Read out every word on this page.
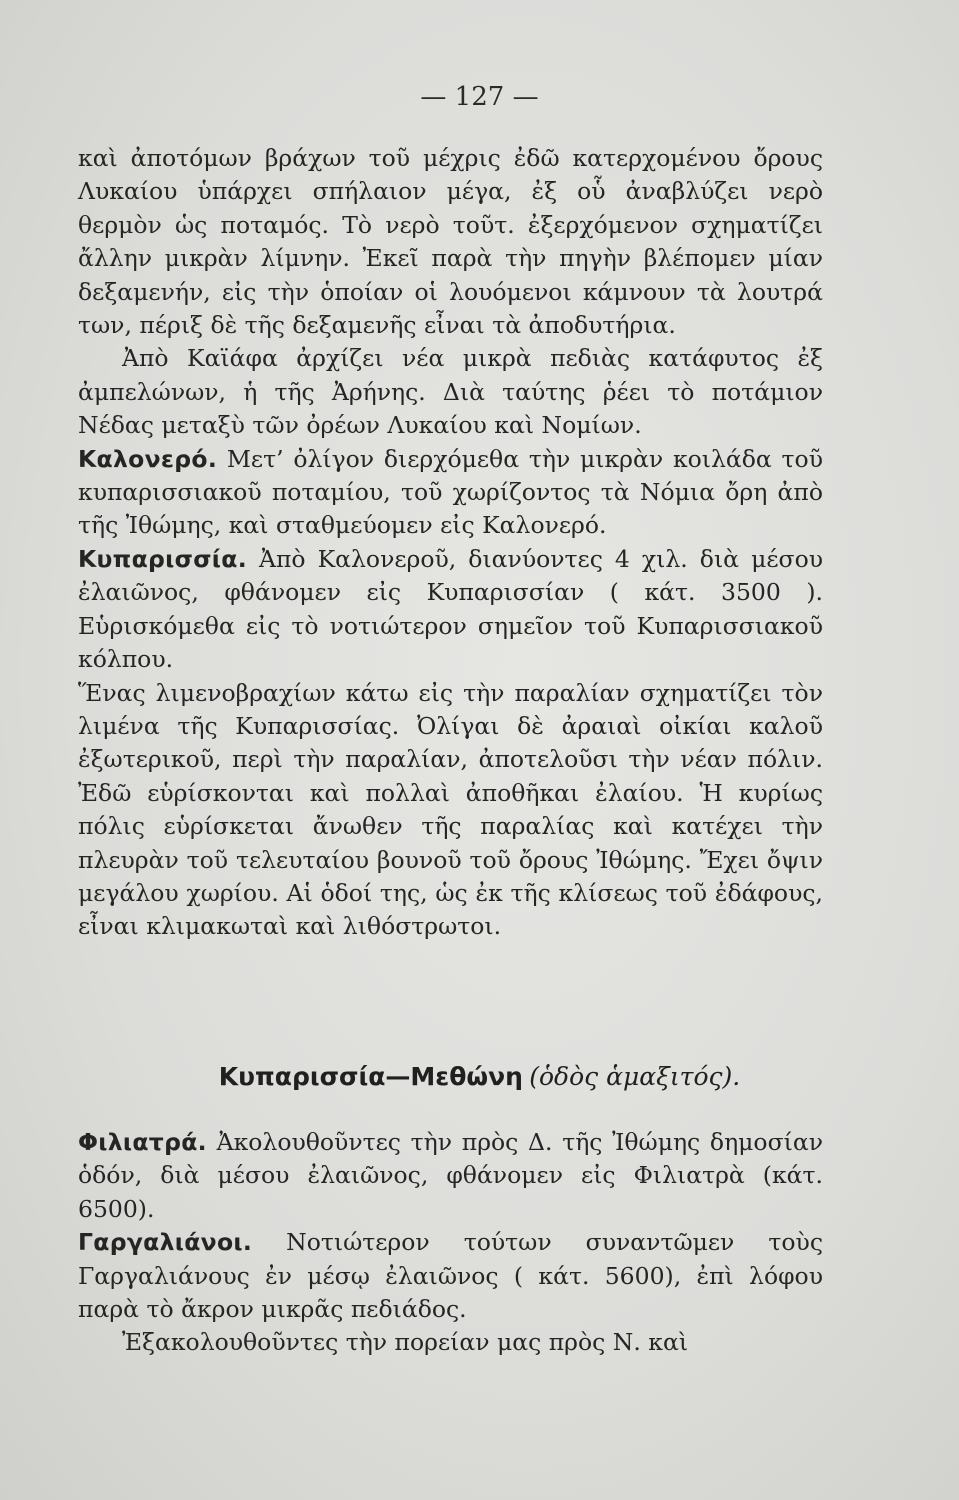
— 127 —

καὶ ἀποτόμων βράχων τοῦ μέχρις ἐδῶ κατερχομένου ὄρους Λυκαίου ὑπάρχει σπήλαιον μέγα, ἐξ οὗ ἀναβλύζει νερὸ θερμὸν ὡς ποταμός. Τὸ νερὸ τοῦτ. ἐξερχόμενον σχηματίζει ἄλλην μικρὰν λίμνην. Ἐκεῖ παρὰ τὴν πηγὴν βλέπομεν μίαν δεξαμενήν, εἰς τὴν ὁποίαν οἱ λουόμενοι κάμνουν τὰ λουτρά των, πέριξ δὲ τῆς δεξαμενῆς εἶναι τὰ ἀποδυτήρια.

Ἀπὸ Καϊάφα ἀρχίζει νέα μικρὰ πεδιὰς κατάφυτος ἐξ ἀμπελώνων, ἡ τῆς Ἀρήνης. Διὰ ταύτης ῥέει τὸ ποτάμιον Νέδας μεταξὺ τῶν ὀρέων Λυκαίου καὶ Νομίων.

Καλονερό. Μετ’ ὀλίγον διερχόμεθα τὴν μικρὰν κοιλάδα τοῦ κυπαρισσιακοῦ ποταμίου, τοῦ χωρίζοντος τὰ Νόμια ὄρη ἀπὸ τῆς Ἰθώμης, καὶ σταθμεύομεν εἰς Καλονερό.

Κυπαρισσία. Ἀπὸ Καλονεροῦ, διανύοντες 4 χιλ. διὰ μέσου ἐλαιῶνος, φθάνομεν εἰς Κυπαρισσίαν ( κάτ. 3500 ). Εὑρισκόμεθα εἰς τὸ νοτιώτερον σημεῖον τοῦ Κυπαρισσιακοῦ κόλπου.

Ἕνας λιμενοβραχίων κάτω εἰς τὴν παραλίαν σχηματίζει τὸν λιμένα τῆς Κυπαρισσίας. Ὀλίγαι δὲ ἀραιαὶ οἰκίαι καλοῦ ἐξωτερικοῦ, περὶ τὴν παραλίαν, ἀποτελοῦσι τὴν νέαν πόλιν. Ἐδῶ εὑρίσκονται καὶ πολλαὶ ἀποθῆκαι ἐλαίου. Ἡ κυρίως πόλις εὑρίσκεται ἄνωθεν τῆς παραλίας καὶ κατέχει τὴν πλευρὰν τοῦ τελευταίου βουνοῦ τοῦ ὄρους Ἰθώμης. Ἔχει ὄψιν μεγάλου χωρίου. Αἱ ὁδοί της, ὡς ἐκ τῆς κλίσεως τοῦ ἐδάφους, εἶναι κλιμακωταὶ καὶ λιθόστρωτοι.

Κυπαρισσία—Μεθώνη (ὁδὸς ἁμαξιτός).

Φιλιατρά. Ἀκολουθοῦντες τὴν πρὸς Δ. τῆς Ἰθώμης δημοσίαν ὁδόν, διὰ μέσου ἐλαιῶνος, φθάνομεν εἰς Φιλιατρὰ (κάτ. 6500).

Γαργαλιάνοι. Νοτιώτερον τούτων συναντῶμεν τοὺς Γαργαλιάνους ἐν μέσῳ ἐλαιῶνος ( κάτ. 5600), ἐπὶ λόφου παρὰ τὸ ἄκρον μικρᾶς πεδιάδος.

Ἐξακολουθοῦντες τὴν πορείαν μας πρὸς Ν. καὶ
